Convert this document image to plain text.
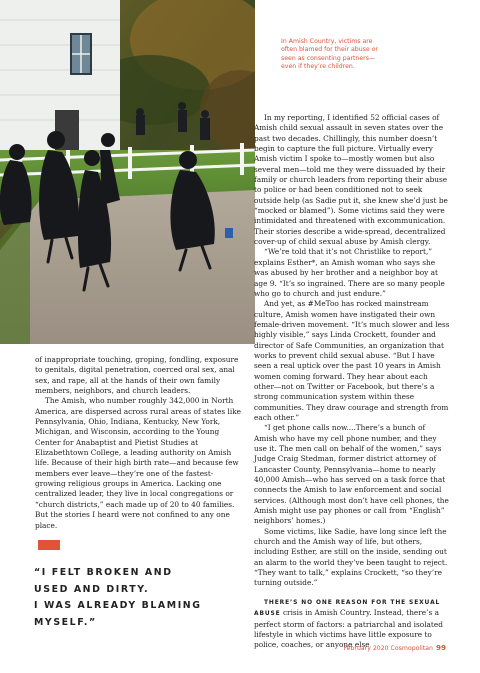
In Amish Country, victims are
often blamed for their abuse or
seen as consenting partners—
even if they’re children.

In my reporting, I identified 52 official cases of Amish child sexual assault in seven states over the past two decades. Chillingly, this number doesn’t begin to capture the full picture. Virtually every Amish victim I spoke to—mostly women but also several men—told me they were dissuaded by their family or church leaders from reporting their abuse to police or had been conditioned not to seek outside help (as Sadie put it, she knew she’d just be “mocked or blamed”). Some victims said they were intimidated and threatened with excommunication. Their stories describe a wide-spread, decentralized cover-up of child sexual abuse by Amish clergy.

“We’re told that it’s not Christlike to report,” explains Esther*, an Amish woman who says she was abused by her brother and a neighbor boy at age 9. “It’s so ingrained. There are so many people who go to church and just endure.”

And yet, as #MeToo has rocked mainstream culture, Amish women have instigated their own female-driven movement. “It’s much slower and less highly visible,” says Linda Crockett, founder and director of Safe Communities, an organization that works to prevent child sexual abuse. “But I have seen a real uptick over the past 10 years in Amish women coming forward. They hear about each other—not on Twitter or Facebook, but there’s a strong communication system within these communities. They draw courage and strength from each other.”

“I get phone calls now....There’s a bunch of Amish who have my cell phone number, and they use it. The men call on behalf of the women,” says Judge Craig Stedman, former district attorney of Lancaster County, Pennsylvania—home to nearly 40,000 Amish—who has served on a task force that connects the Amish to law enforcement and social services. (Although most don’t have cell phones, the Amish might use pay phones or call from “English” neighbors’ homes.)

Some victims, like Sadie, have long since left the church and the Amish way of life, but others, including Esther, are still on the inside, sending out an alarm to the world they’ve been taught to reject. “They want to talk,” explains Crockett, “so they’re turning outside.”

THERE’S NO ONE REASON FOR THE SEXUAL ABUSE crisis in Amish Country. Instead, there’s a perfect storm of factors: a patriarchal and isolated lifestyle in which victims have little exposure to police, coaches, or anyone else

of inappropriate touching, groping, fondling, exposure to genitals, digital penetration, coerced oral sex, anal sex, and rape, all at the hands of their own family members, neighbors, and church leaders.

The Amish, who number roughly 342,000 in North America, are dispersed across rural areas of states like Pennsylvania, Ohio, Indiana, Kentucky, New York, Michigan, and Wisconsin, according to the Young Center for Anabaptist and Pietist Studies at Elizabethtown College, a leading authority on Amish life. Because of their high birth rate—and because few members ever leave—they’re one of the fastest-growing religious groups in America. Lacking one centralized leader, they live in local congregations or “church districts,” each made up of 20 to 40 families. But the stories I heard were not confined to any one place.

“I FELT BROKEN AND
USED AND DIRTY.
I WAS ALREADY BLAMING
MYSELF.”
February 2020 Cosmopolitan 99
